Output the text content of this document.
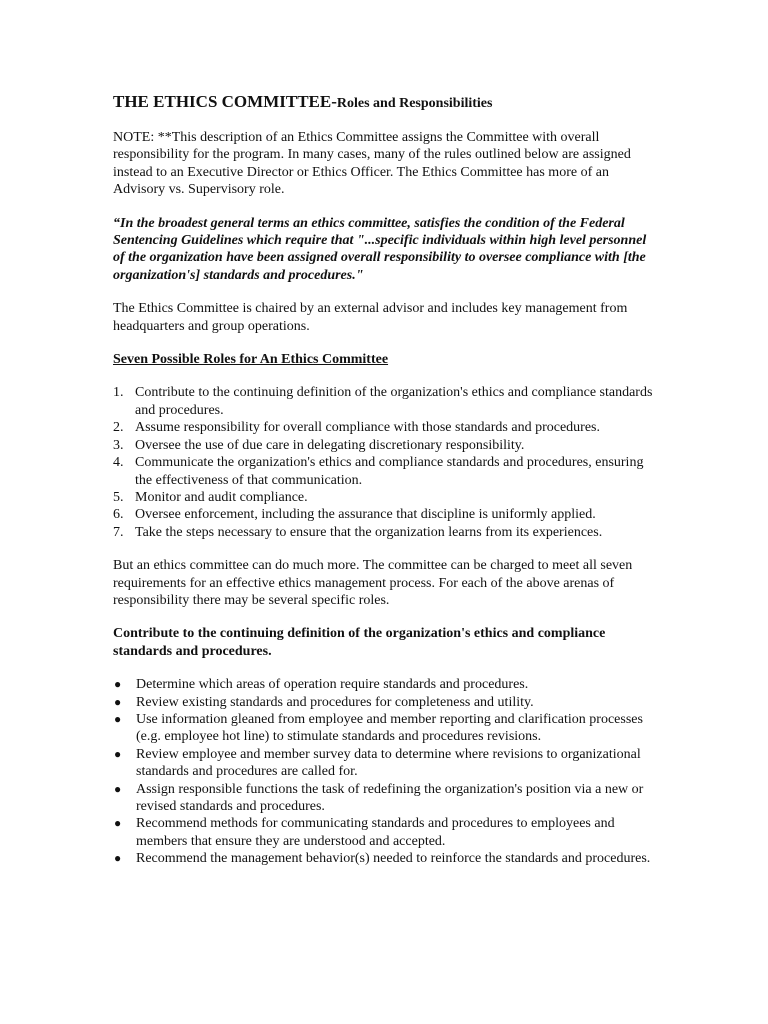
THE ETHICS COMMITTEE-Roles and Responsibilities

NOTE: **This description of an Ethics Committee assigns the Committee with overall responsibility for the program. In many cases, many of the rules outlined below are assigned instead to an Executive Director or Ethics Officer. The Ethics Committee has more of an Advisory vs. Supervisory role.

“In the broadest general terms an ethics committee, satisfies the condition of the Federal Sentencing Guidelines which require that "...specific individuals within high level personnel of the organization have been assigned overall responsibility to oversee compliance with [the organization's] standards and procedures."

The Ethics Committee is chaired by an external advisor and includes key management from headquarters and group operations.

Seven Possible Roles for An Ethics Committee
1. Contribute to the continuing definition of the organization's ethics and compliance standards and procedures.
2. Assume responsibility for overall compliance with those standards and procedures.
3. Oversee the use of due care in delegating discretionary responsibility.
4. Communicate the organization's ethics and compliance standards and procedures, ensuring the effectiveness of that communication.
5. Monitor and audit compliance.
6. Oversee enforcement, including the assurance that discipline is uniformly applied.
7. Take the steps necessary to ensure that the organization learns from its experiences.

But an ethics committee can do much more. The committee can be charged to meet all seven requirements for an effective ethics management process. For each of the above arenas of responsibility there may be several specific roles.

Contribute to the continuing definition of the organization's ethics and compliance standards and procedures.
●	Determine which areas of operation require standards and procedures.
●	Review existing standards and procedures for completeness and utility.
●	Use information gleaned from employee and member reporting and clarification processes (e.g. employee hot line) to stimulate standards and procedures revisions.
●	Review employee and member survey data to determine where revisions to organizational standards and procedures are called for.
●	Assign responsible functions the task of redefining the organization's position via a new or revised standards and procedures.
●	Recommend methods for communicating standards and procedures to employees and members that ensure they are understood and accepted.
●	Recommend the management behavior(s) needed to reinforce the standards and procedures.
